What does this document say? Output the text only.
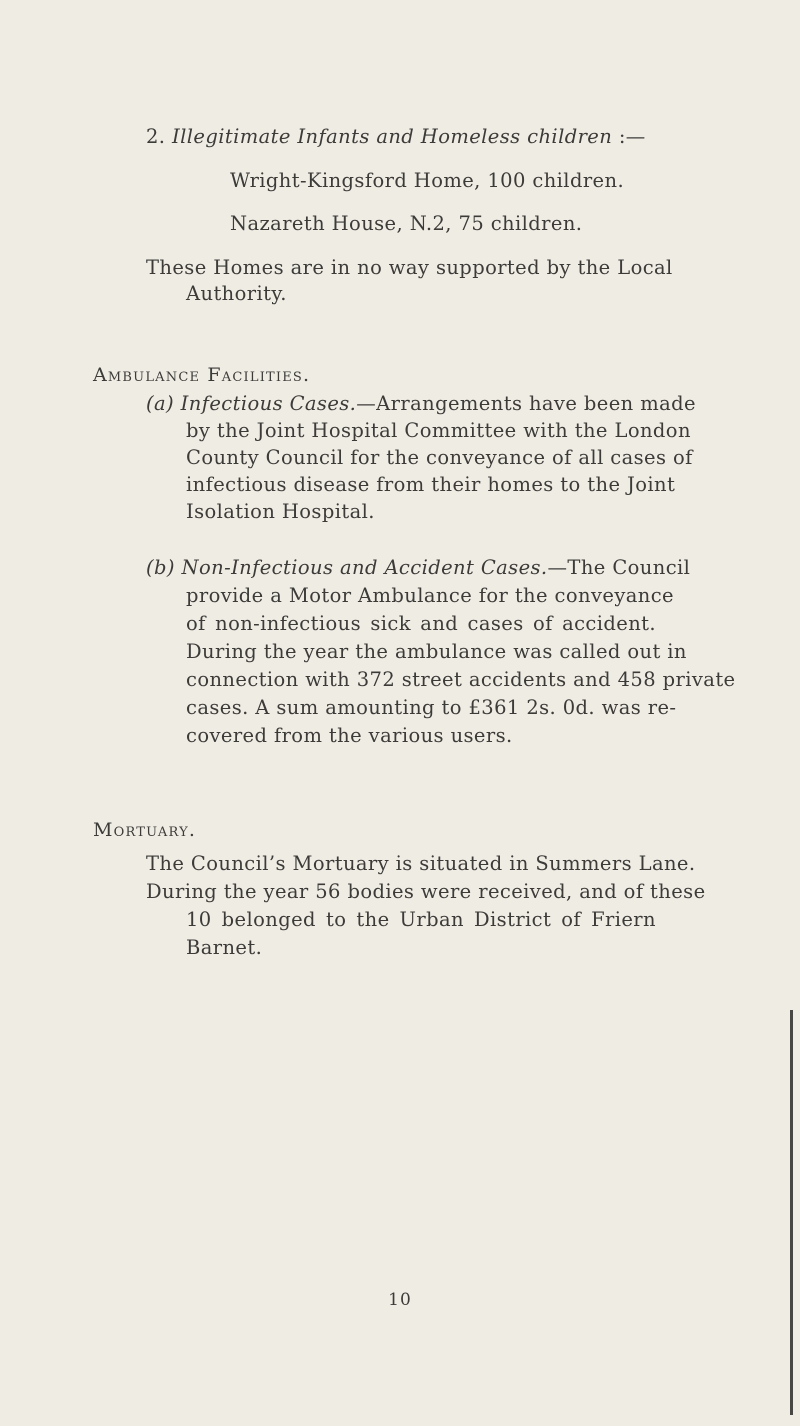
2. Illegitimate Infants and Homeless children :—
Wright-Kingsford Home, 100 children.
Nazareth House, N.2, 75 children.
These Homes are in no way supported by the Local
Authority.
Ambulance Facilities.
(a) Infectious Cases.—Arrangements have been made
by the Joint Hospital Committee with the London
County Council for the conveyance of all cases of
infectious disease from their homes to the Joint
Isolation Hospital.
(b) Non-Infectious and Accident Cases.—The Council
provide a Motor Ambulance for the conveyance
of non-infectious sick and cases of accident.
During the year the ambulance was called out in
connection with 372 street accidents and 458 private
cases. A sum amounting to £361 2s. 0d. was re-
covered from the various users.
Mortuary.
The Council’s Mortuary is situated in Summers Lane.
During the year 56 bodies were received, and of these
10 belonged to the Urban District of Friern
Barnet.
10
